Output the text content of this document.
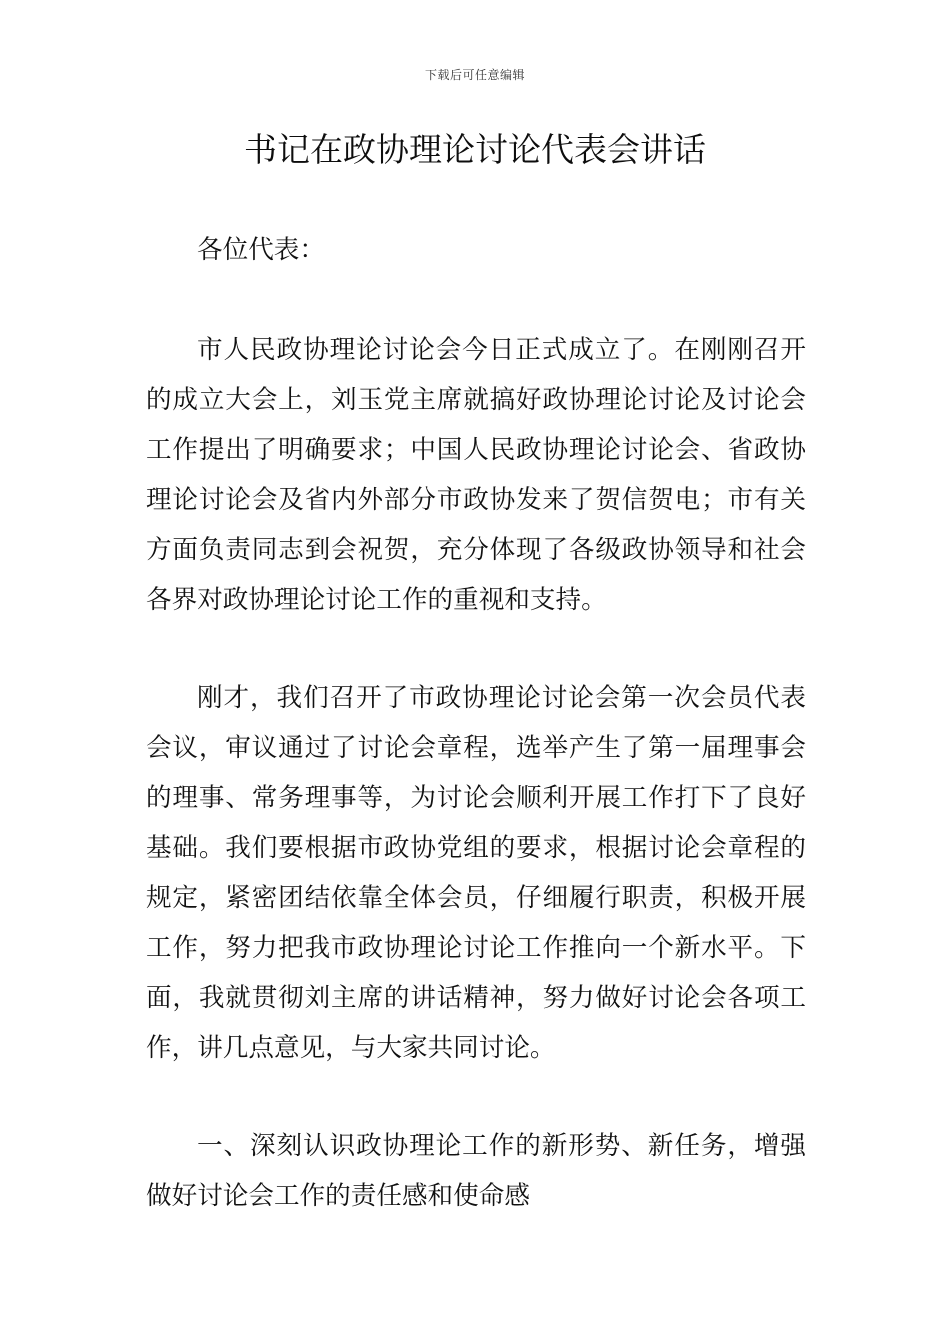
下载后可任意编辑
书记在政协理论讨论代表会讲话

各位代表：

市人民政协理论讨论会今日正式成立了。在刚刚召开的成立大会上，刘玉党主席就搞好政协理论讨论及讨论会工作提出了明确要求；中国人民政协理论讨论会、省政协理论讨论会及省内外部分市政协发来了贺信贺电；市有关方面负责同志到会祝贺，充分体现了各级政协领导和社会各界对政协理论讨论工作的重视和支持。

刚才，我们召开了市政协理论讨论会第一次会员代表会议，审议通过了讨论会章程，选举产生了第一届理事会的理事、常务理事等，为讨论会顺利开展工作打下了良好基础。我们要根据市政协党组的要求，根据讨论会章程的规定，紧密团结依靠全体会员，仔细履行职责，积极开展工作，努力把我市政协理论讨论工作推向一个新水平。下面，我就贯彻刘主席的讲话精神，努力做好讨论会各项工作，讲几点意见，与大家共同讨论。

一、深刻认识政协理论工作的新形势、新任务，增强做好讨论会工作的责任感和使命感
